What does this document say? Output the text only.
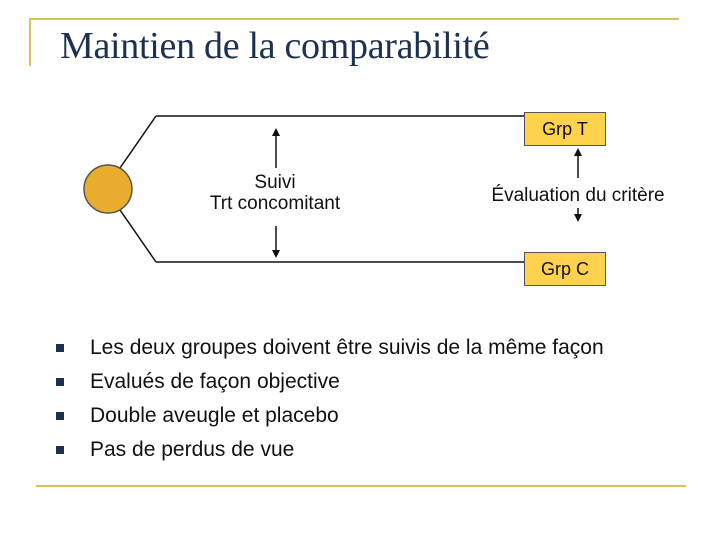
Maintien de la comparabilité
Grp T
Grp C
Suivi
Trt concomitant	Évaluation du critère
Les deux groupes doivent être suivis de la même façon
Evalués de façon objective
Double aveugle et placebo
Pas de perdus de vue
